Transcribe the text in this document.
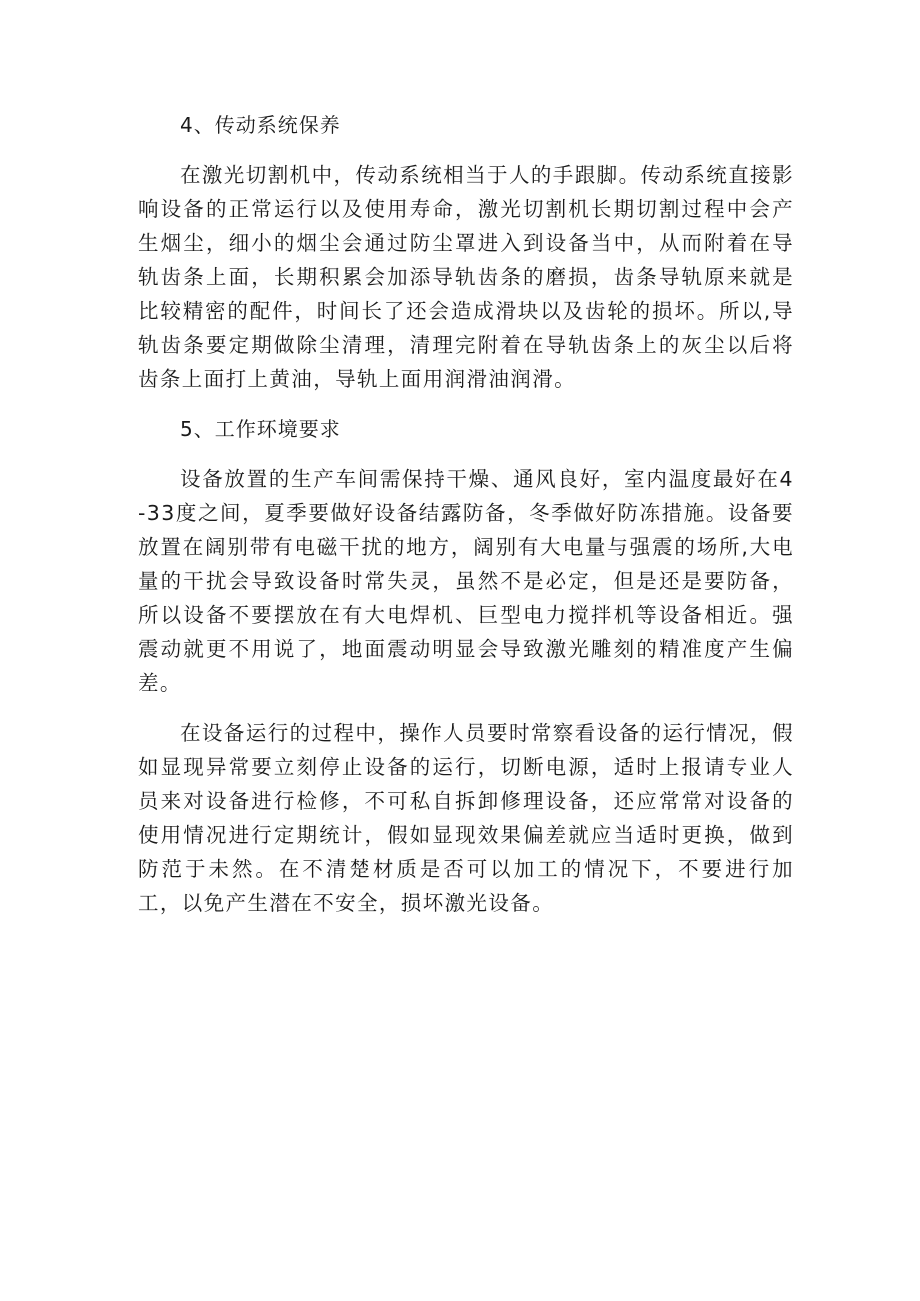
4、传动系统保养

在激光切割机中，传动系统相当于人的手跟脚。传动系统直接影响设备的正常运行以及使用寿命，激光切割机长期切割过程中会产生烟尘，细小的烟尘会通过防尘罩进入到设备当中，从而附着在导轨齿条上面，长期积累会加添导轨齿条的磨损，齿条导轨原来就是比较精密的配件，时间长了还会造成滑块以及齿轮的损坏。所以,导轨齿条要定期做除尘清理，清理完附着在导轨齿条上的灰尘以后将齿条上面打上黄油，导轨上面用润滑油润滑。

5、工作环境要求

设备放置的生产车间需保持干燥、通风良好，室内温度最好在4-33度之间，夏季要做好设备结露防备，冬季做好防冻措施。设备要放置在阔别带有电磁干扰的地方，阔别有大电量与强震的场所,大电量的干扰会导致设备时常失灵，虽然不是必定，但是还是要防备，所以设备不要摆放在有大电焊机、巨型电力搅拌机等设备相近。强震动就更不用说了，地面震动明显会导致激光雕刻的精准度产生偏差。

在设备运行的过程中，操作人员要时常察看设备的运行情况，假如显现异常要立刻停止设备的运行，切断电源，适时上报请专业人员来对设备进行检修，不可私自拆卸修理设备，还应常常对设备的使用情况进行定期统计，假如显现效果偏差就应当适时更换，做到防范于未然。在不清楚材质是否可以加工的情况下，不要进行加工，以免产生潜在不安全，损坏激光设备。
